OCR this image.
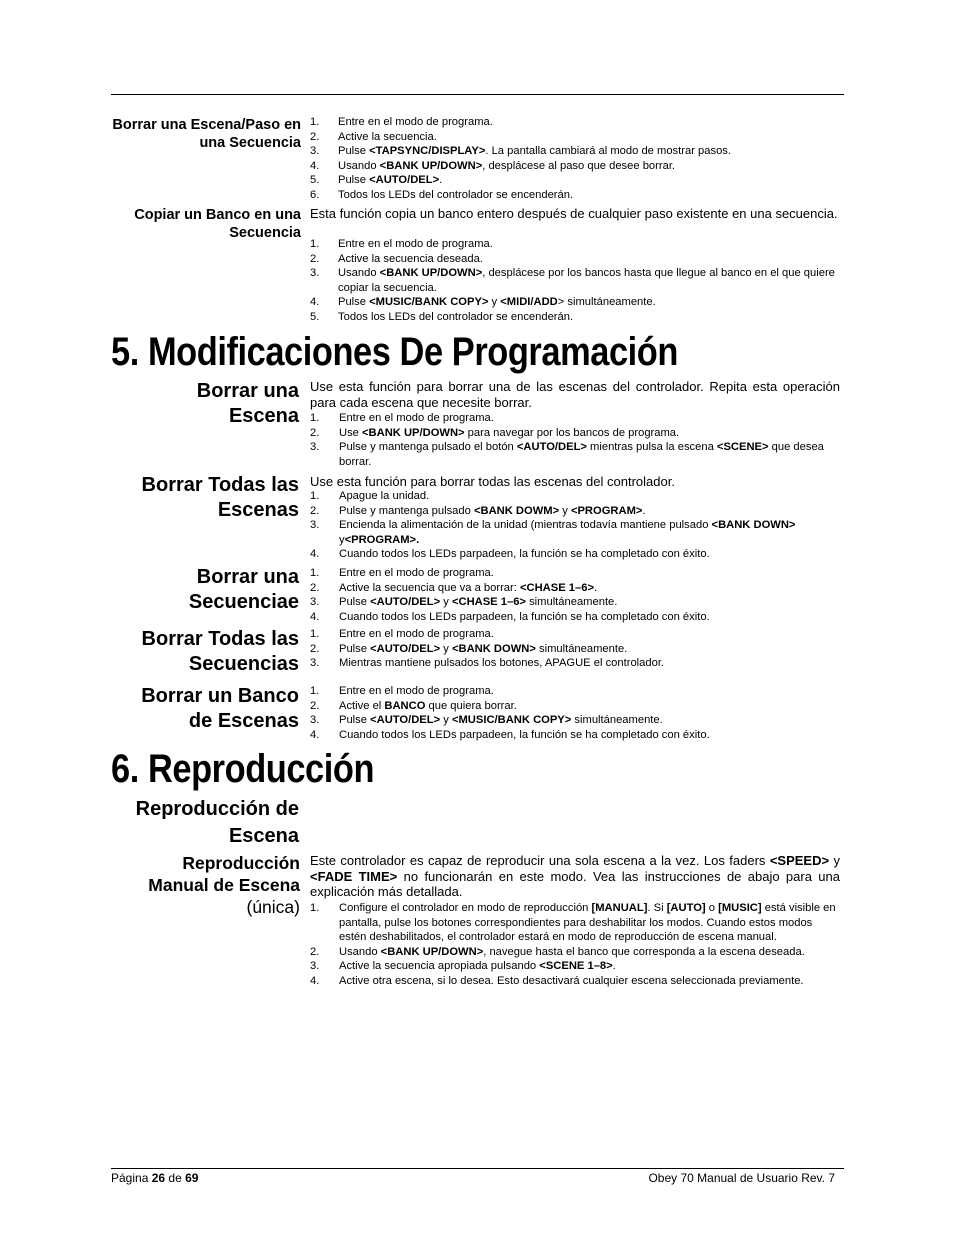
Borrar una Escena/Paso en una Secuencia
1. Entre en el modo de programa.
2. Active la secuencia.
3. Pulse <TAPSYNC/DISPLAY>. La pantalla cambiará al modo de mostrar pasos.
4. Usando <BANK UP/DOWN>, desplácese al paso que desee borrar.
5. Pulse <AUTO/DEL>.
6. Todos los LEDs del controlador se encenderán.
Copiar un Banco en una Secuencia
Esta función copia un banco entero después de cualquier paso existente en una secuencia.
1. Entre en el modo de programa.
2. Active la secuencia deseada.
3. Usando <BANK UP/DOWN>, desplácese por los bancos hasta que llegue al banco en el que quiere copiar la secuencia.
4. Pulse <MUSIC/BANK COPY> y <MIDI/ADD> simultáneamente.
5. Todos los LEDs del controlador se encenderán.
5. Modificaciones De Programación
Borrar una Escena
Use esta función para borrar una de las escenas del controlador. Repita esta operación para cada escena que necesite borrar.
1. Entre en el modo de programa.
2. Use <BANK UP/DOWN> para navegar por los bancos de programa.
3. Pulse y mantenga pulsado el botón <AUTO/DEL> mientras pulsa la escena <SCENE> que desea borrar.
Borrar Todas las Escenas
Use esta función para borrar todas las escenas del controlador.
1. Apague la unidad.
2. Pulse y mantenga pulsado <BANK DOWM> y <PROGRAM>.
3. Encienda la alimentación de la unidad (mientras todavía mantiene pulsado <BANK DOWN> y<PROGRAM>.
4. Cuando todos los LEDs parpadeen, la función se ha completado con éxito.
Borrar una Secuenciae
1. Entre en el modo de programa.
2. Active la secuencia que va a borrar: <CHASE 1–6>.
3. Pulse <AUTO/DEL> y <CHASE 1–6> simultáneamente.
4. Cuando todos los LEDs parpadeen, la función se ha completado con éxito.
Borrar Todas las Secuencias
1. Entre en el modo de programa.
2. Pulse <AUTO/DEL> y <BANK DOWN> simultáneamente.
3. Mientras mantiene pulsados los botones, APAGUE el controlador.
Borrar un Banco de Escenas
1. Entre en el modo de programa.
2. Active el BANCO que quiera borrar.
3. Pulse <AUTO/DEL> y <MUSIC/BANK COPY> simultáneamente.
4. Cuando todos los LEDs parpadeen, la función se ha completado con éxito.
6. Reproducción
Reproducción de Escena
Reproducción Manual de Escena
(única)
Este controlador es capaz de reproducir una sola escena a la vez. Los faders <SPEED> y <FADE TIME> no funcionarán en este modo. Vea las instrucciones de abajo para una explicación más detallada.
1. Configure el controlador en modo de reproducción [MANUAL]. Si [AUTO] o [MUSIC] está visible en pantalla, pulse los botones correspondientes para deshabilitar los modos. Cuando estos modos estén deshabilitados, el controlador estará en modo de reproducción de escena manual.
2. Usando <BANK UP/DOWN>, navegue hasta el banco que corresponda a la escena deseada.
3. Active la secuencia apropiada pulsando <SCENE 1–8>.
4. Active otra escena, si lo desea. Esto desactivará cualquier escena seleccionada previamente.
Página 26 de 69	Obey 70 Manual de Usuario Rev. 7
